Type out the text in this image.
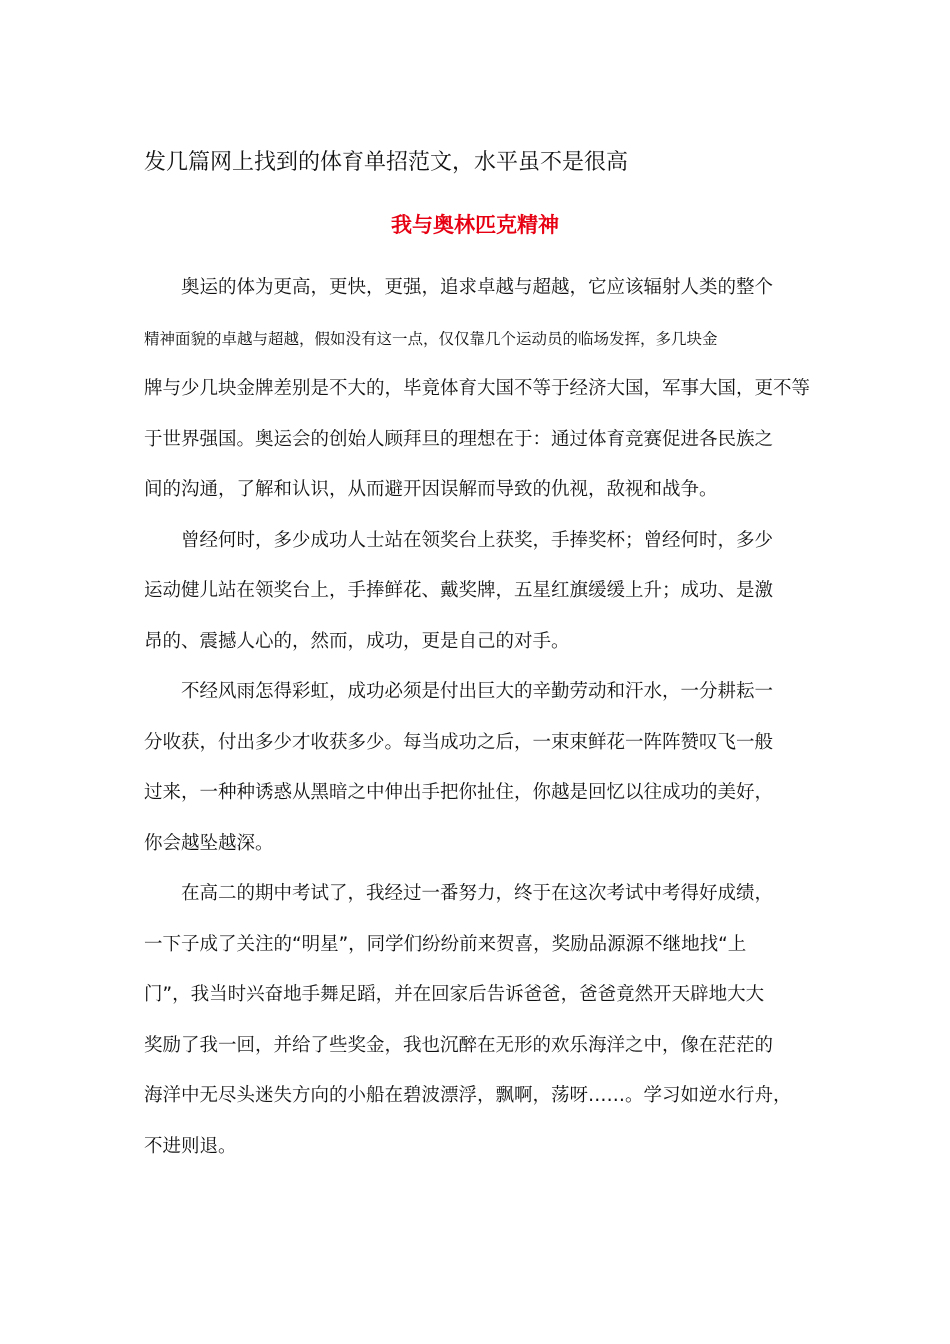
发几篇网上找到的体育单招范文，水平虽不是很高
我与奥林匹克精神
奥运的体为更高，更快，更强，追求卓越与超越，它应该辐射人类的整个
精神面貌的卓越与超越，假如没有这一点，仅仅靠几个运动员的临场发挥，多几块金
牌与少几块金牌差别是不大的，毕竟体育大国不等于经济大国，军事大国，更不等
于世界强国。奥运会的创始人顾拜旦的理想在于：通过体育竞赛促进各民族之
间的沟通，了解和认识，从而避开因误解而导致的仇视，敌视和战争。
曾经何时，多少成功人士站在领奖台上获奖，手捧奖杯；曾经何时，多少
运动健儿站在领奖台上，手捧鲜花、戴奖牌，五星红旗缓缓上升；成功、是激
昂的、震撼人心的，然而，成功，更是自己的对手。
不经风雨怎得彩虹，成功必须是付出巨大的辛勤劳动和汗水，一分耕耘一
分收获，付出多少才收获多少。每当成功之后，一束束鲜花一阵阵赞叹飞一般
过来，一种种诱惑从黑暗之中伸出手把你扯住，你越是回忆以往成功的美好，
你会越坠越深。
在高二的期中考试了，我经过一番努力，终于在这次考试中考得好成绩，
一下子成了关注的“明星”，同学们纷纷前来贺喜，奖励品源源不继地找“上
门”，我当时兴奋地手舞足蹈，并在回家后告诉爸爸，爸爸竟然开天辟地大大
奖励了我一回，并给了些奖金，我也沉醉在无形的欢乐海洋之中，像在茫茫的
海洋中无尽头迷失方向的小船在碧波漂浮，飘啊，荡呀……。学习如逆水行舟，
不进则退。
